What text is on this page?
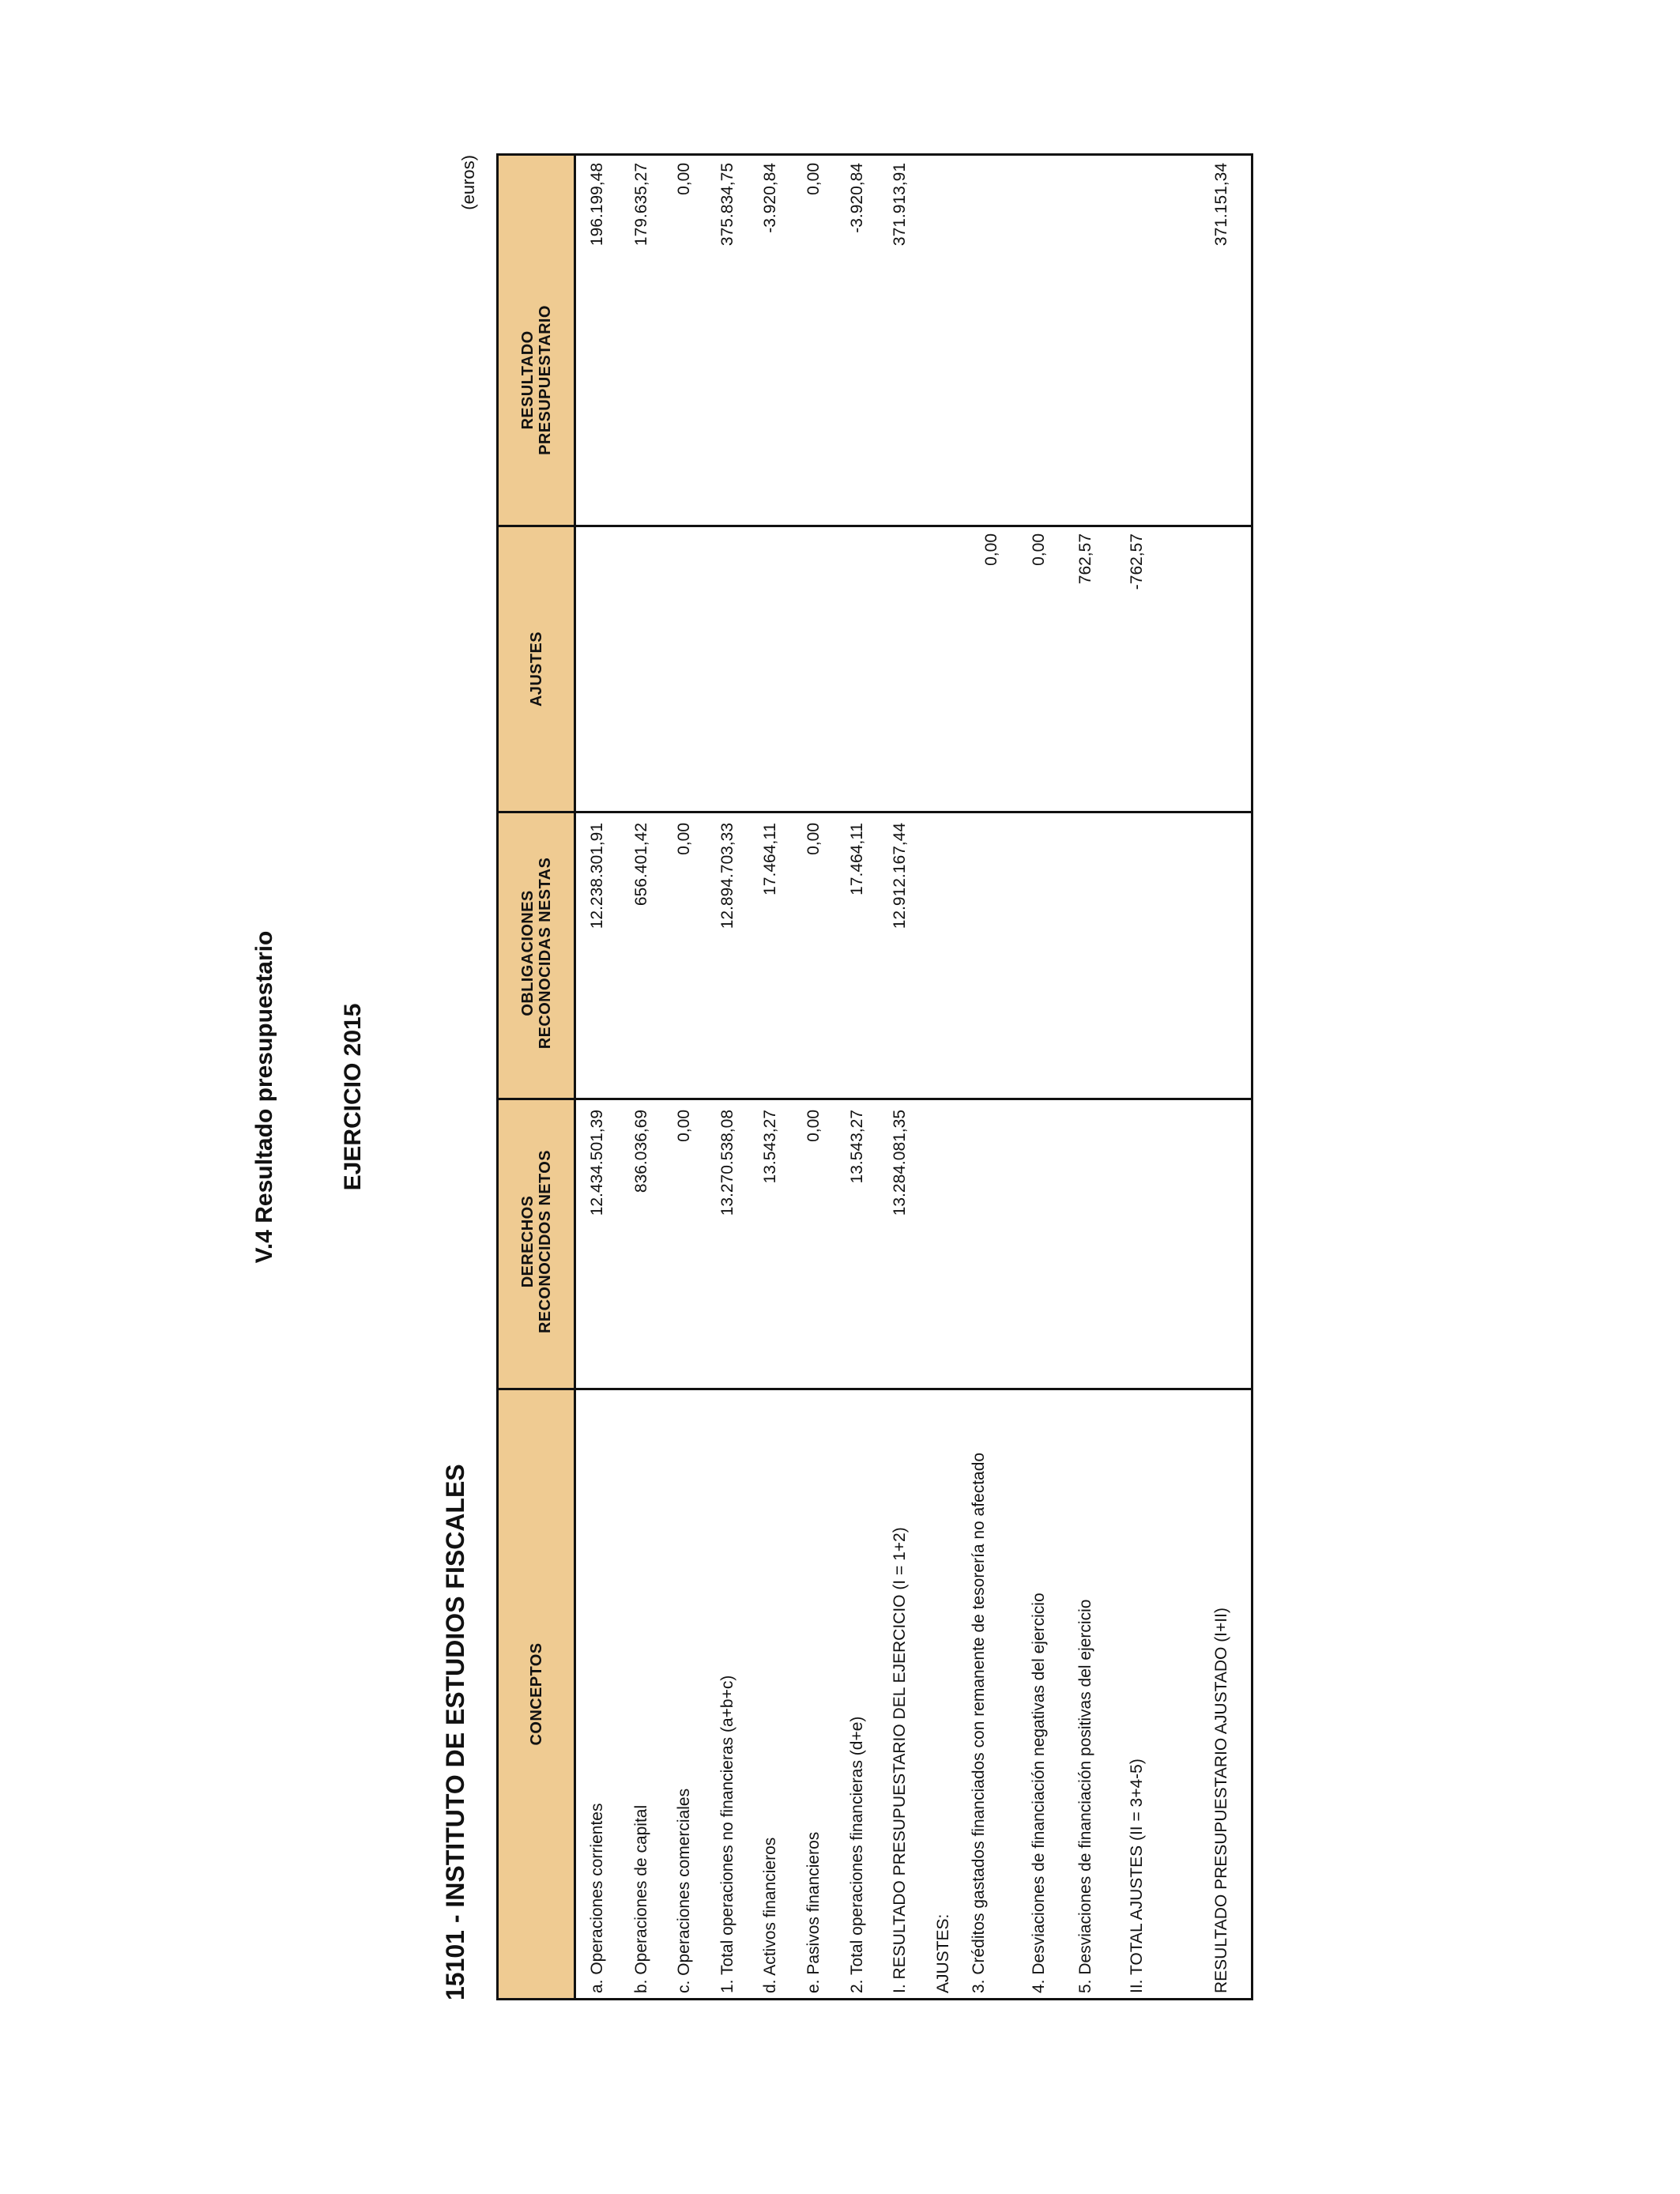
V.4 Resultado presupuestario	EJERCICIO 2015
15101 - INSTITUTO DE ESTUDIOS FISCALES
(euros)
CONCEPTOS
DERECHOS RECONOCIDOS NETOS
OBLIGACIONES RECONOCIDAS NESTAS
AJUSTES
RESULTADO PRESUPUESTARIO
a. Operaciones corrientes
12.434.501,39
12.238.301,91
196.199,48
b. Operaciones de capital
836.036,69
656.401,42
179.635,27
c. Operaciones comerciales
0,00
0,00
0,00
1. Total operaciones no financieras (a+b+c)
13.270.538,08
12.894.703,33
375.834,75
d. Activos financieros
13.543,27
17.464,11
-3.920,84
e. Pasivos financieros
0,00
0,00
0,00
2. Total operaciones financieras (d+e)
13.543,27
17.464,11
-3.920,84
I. RESULTADO PRESUPUESTARIO DEL EJERCICIO (I = 1+2)
13.284.081,35
12.912.167,44
371.913,91
AJUSTES: 3. Créditos gastados financiados con remanente de tesorería no afectado
0,00
4. Desviaciones de financiación negativas del ejercicio
0,00
5. Desviaciones de financiación positivas del ejercicio
762,57
II. TOTAL AJUSTES (II = 3+4-5)
-762,57
RESULTADO PRESUPUESTARIO AJUSTADO (I+II)
371.151,34
